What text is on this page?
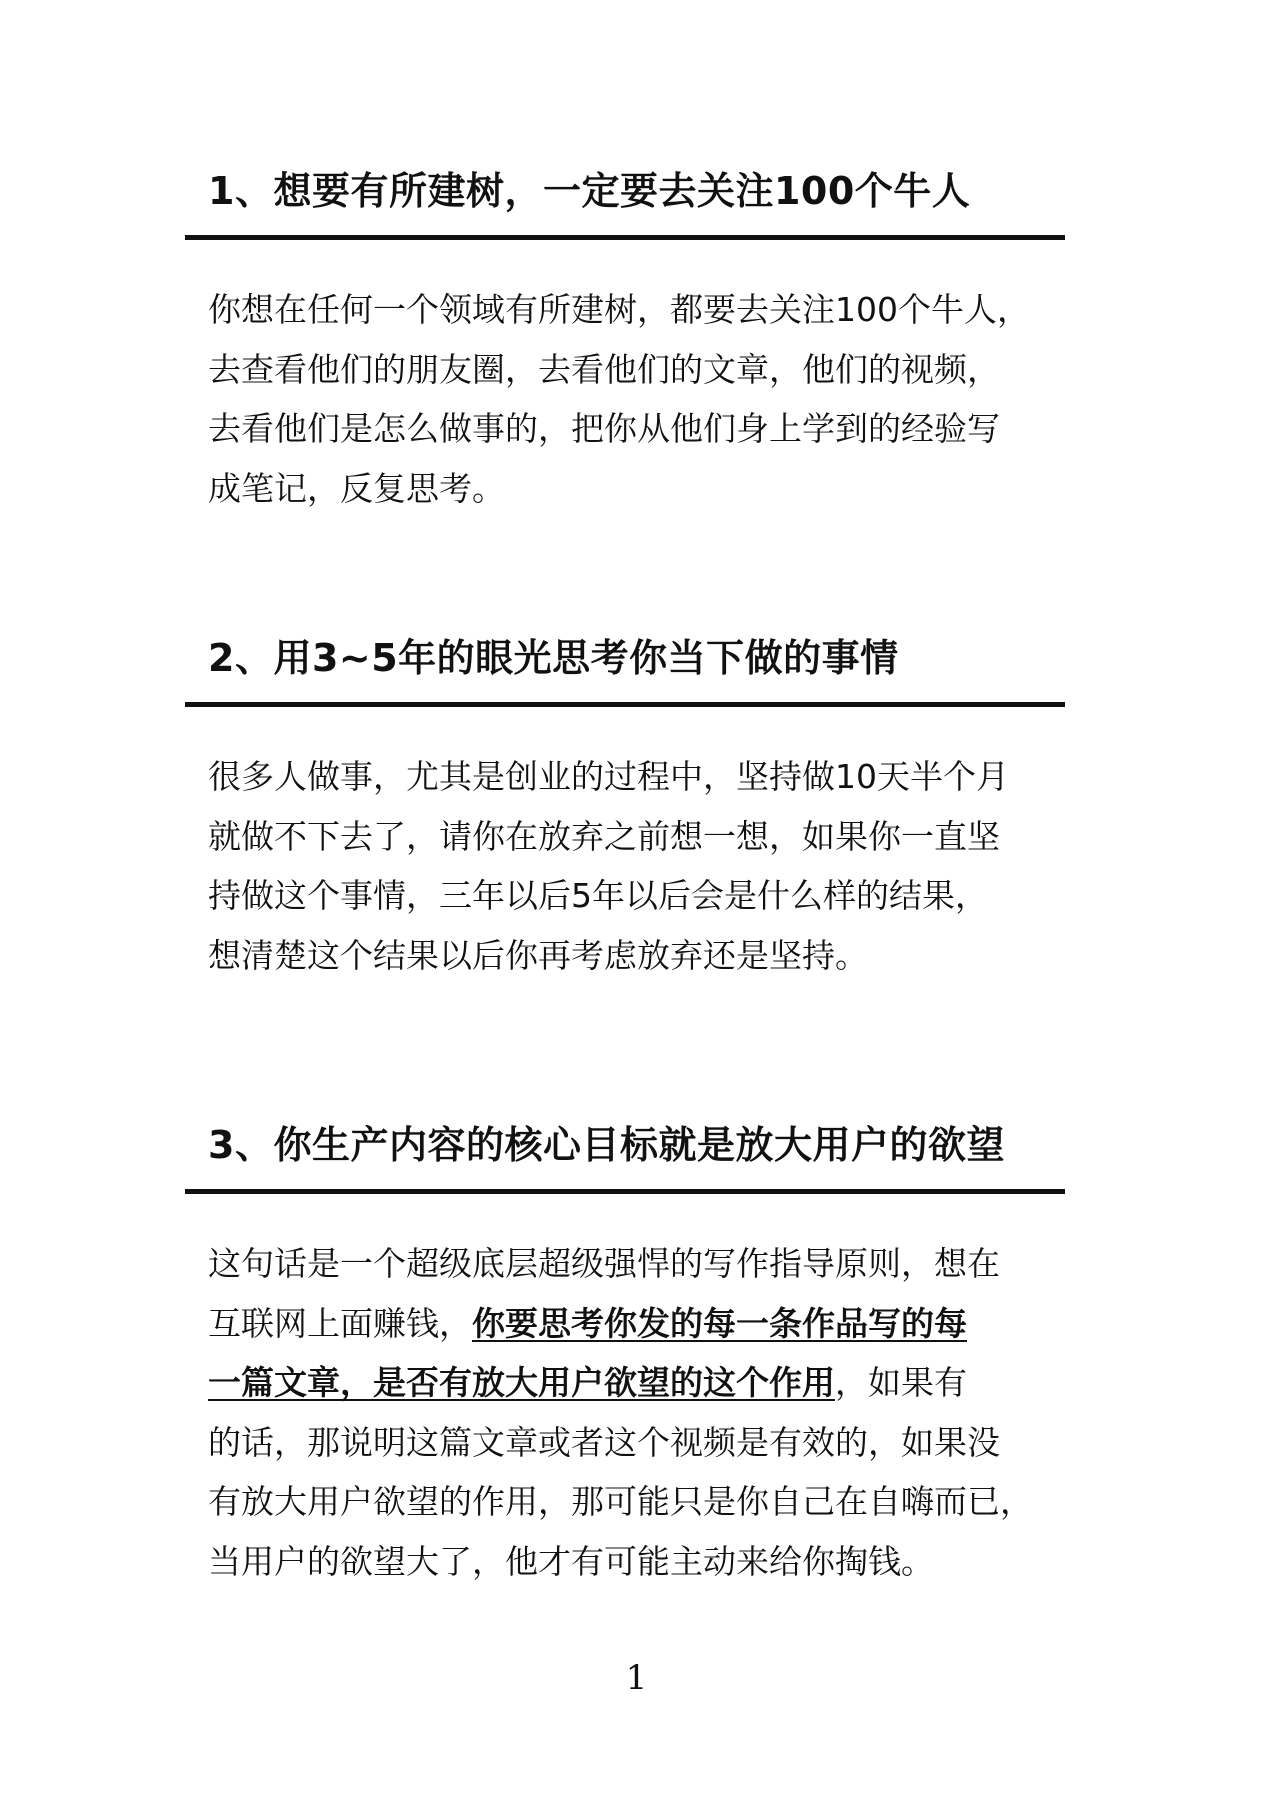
1、想要有所建树，一定要去关注100个牛人

你想在任何一个领域有所建树，都要去关注100个牛人，
去查看他们的朋友圈，去看他们的文章，他们的视频，
去看他们是怎么做事的，把你从他们身上学到的经验写
成笔记，反复思考。

2、用3~5年的眼光思考你当下做的事情

很多人做事，尤其是创业的过程中，坚持做10天半个月
就做不下去了，请你在放弃之前想一想，如果你一直坚
持做这个事情，三年以后5年以后会是什么样的结果，
想清楚这个结果以后你再考虑放弃还是坚持。

3、你生产内容的核心目标就是放大用户的欲望

这句话是一个超级底层超级强悍的写作指导原则，想在
互联网上面赚钱，你要思考你发的每一条作品写的每
一篇文章，是否有放大用户欲望的这个作用，如果有
的话，那说明这篇文章或者这个视频是有效的，如果没
有放大用户欲望的作用，那可能只是你自己在自嗨而已，
当用户的欲望大了，他才有可能主动来给你掏钱。

1
